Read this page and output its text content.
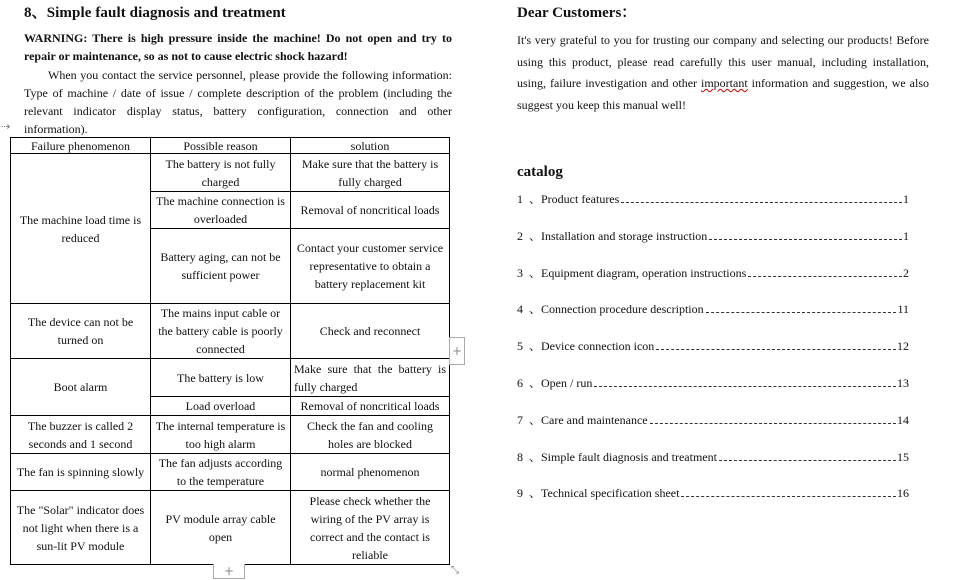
8、Simple fault diagnosis and treatment
WARNING: There is high pressure inside the machine! Do not open and try to repair or maintenance, so as not to cause electric shock hazard!
When you contact the service personnel, please provide the following information: Type of machine / date of issue / complete description of the problem (including the relevant indicator display status, battery configuration, connection and other information).
⇢
Failure phenomenon	Possible reason	solution
The machine load time is reduced	The battery is not fully charged	Make sure that the battery is fully charged
	The machine connection is overloaded	Removal of noncritical loads
	Battery aging, can not be sufficient power	Contact your customer service representative to obtain a battery replacement kit
The device can not be turned on	The mains input cable or the battery cable is poorly connected	Check and reconnect
Boot alarm	The battery is low	Make sure that the battery is fully charged
	Load overload	Removal of noncritical loads
The buzzer is called 2 seconds and 1 second	The internal temperature is too high alarm	Check the fan and cooling holes are blocked
The fan is spinning slowly	The fan adjusts according to the temperature	normal phenomenon
The "Solar" indicator does not light when there is a sun-lit PV module	PV module array cable open	Please check whether the wiring of the PV array is correct and the contact is reliable
+
+	⤡
Dear Customers：
It's very grateful to you for trusting our company and selecting our products! Before using this product, please read carefully this user manual, including installation, using, failure investigation and other important information and suggestion, we also suggest you keep this manual well!
catalog
1 、 Product features	1
2 、 Installation and storage instruction	1
3 、 Equipment diagram, operation instructions	2
4 、 Connection procedure description	11
5 、 Device connection icon	12
6 、 Open / run	13
7 、 Care and maintenance	14
8 、 Simple fault diagnosis and treatment	15
9 、 Technical specification sheet	16
